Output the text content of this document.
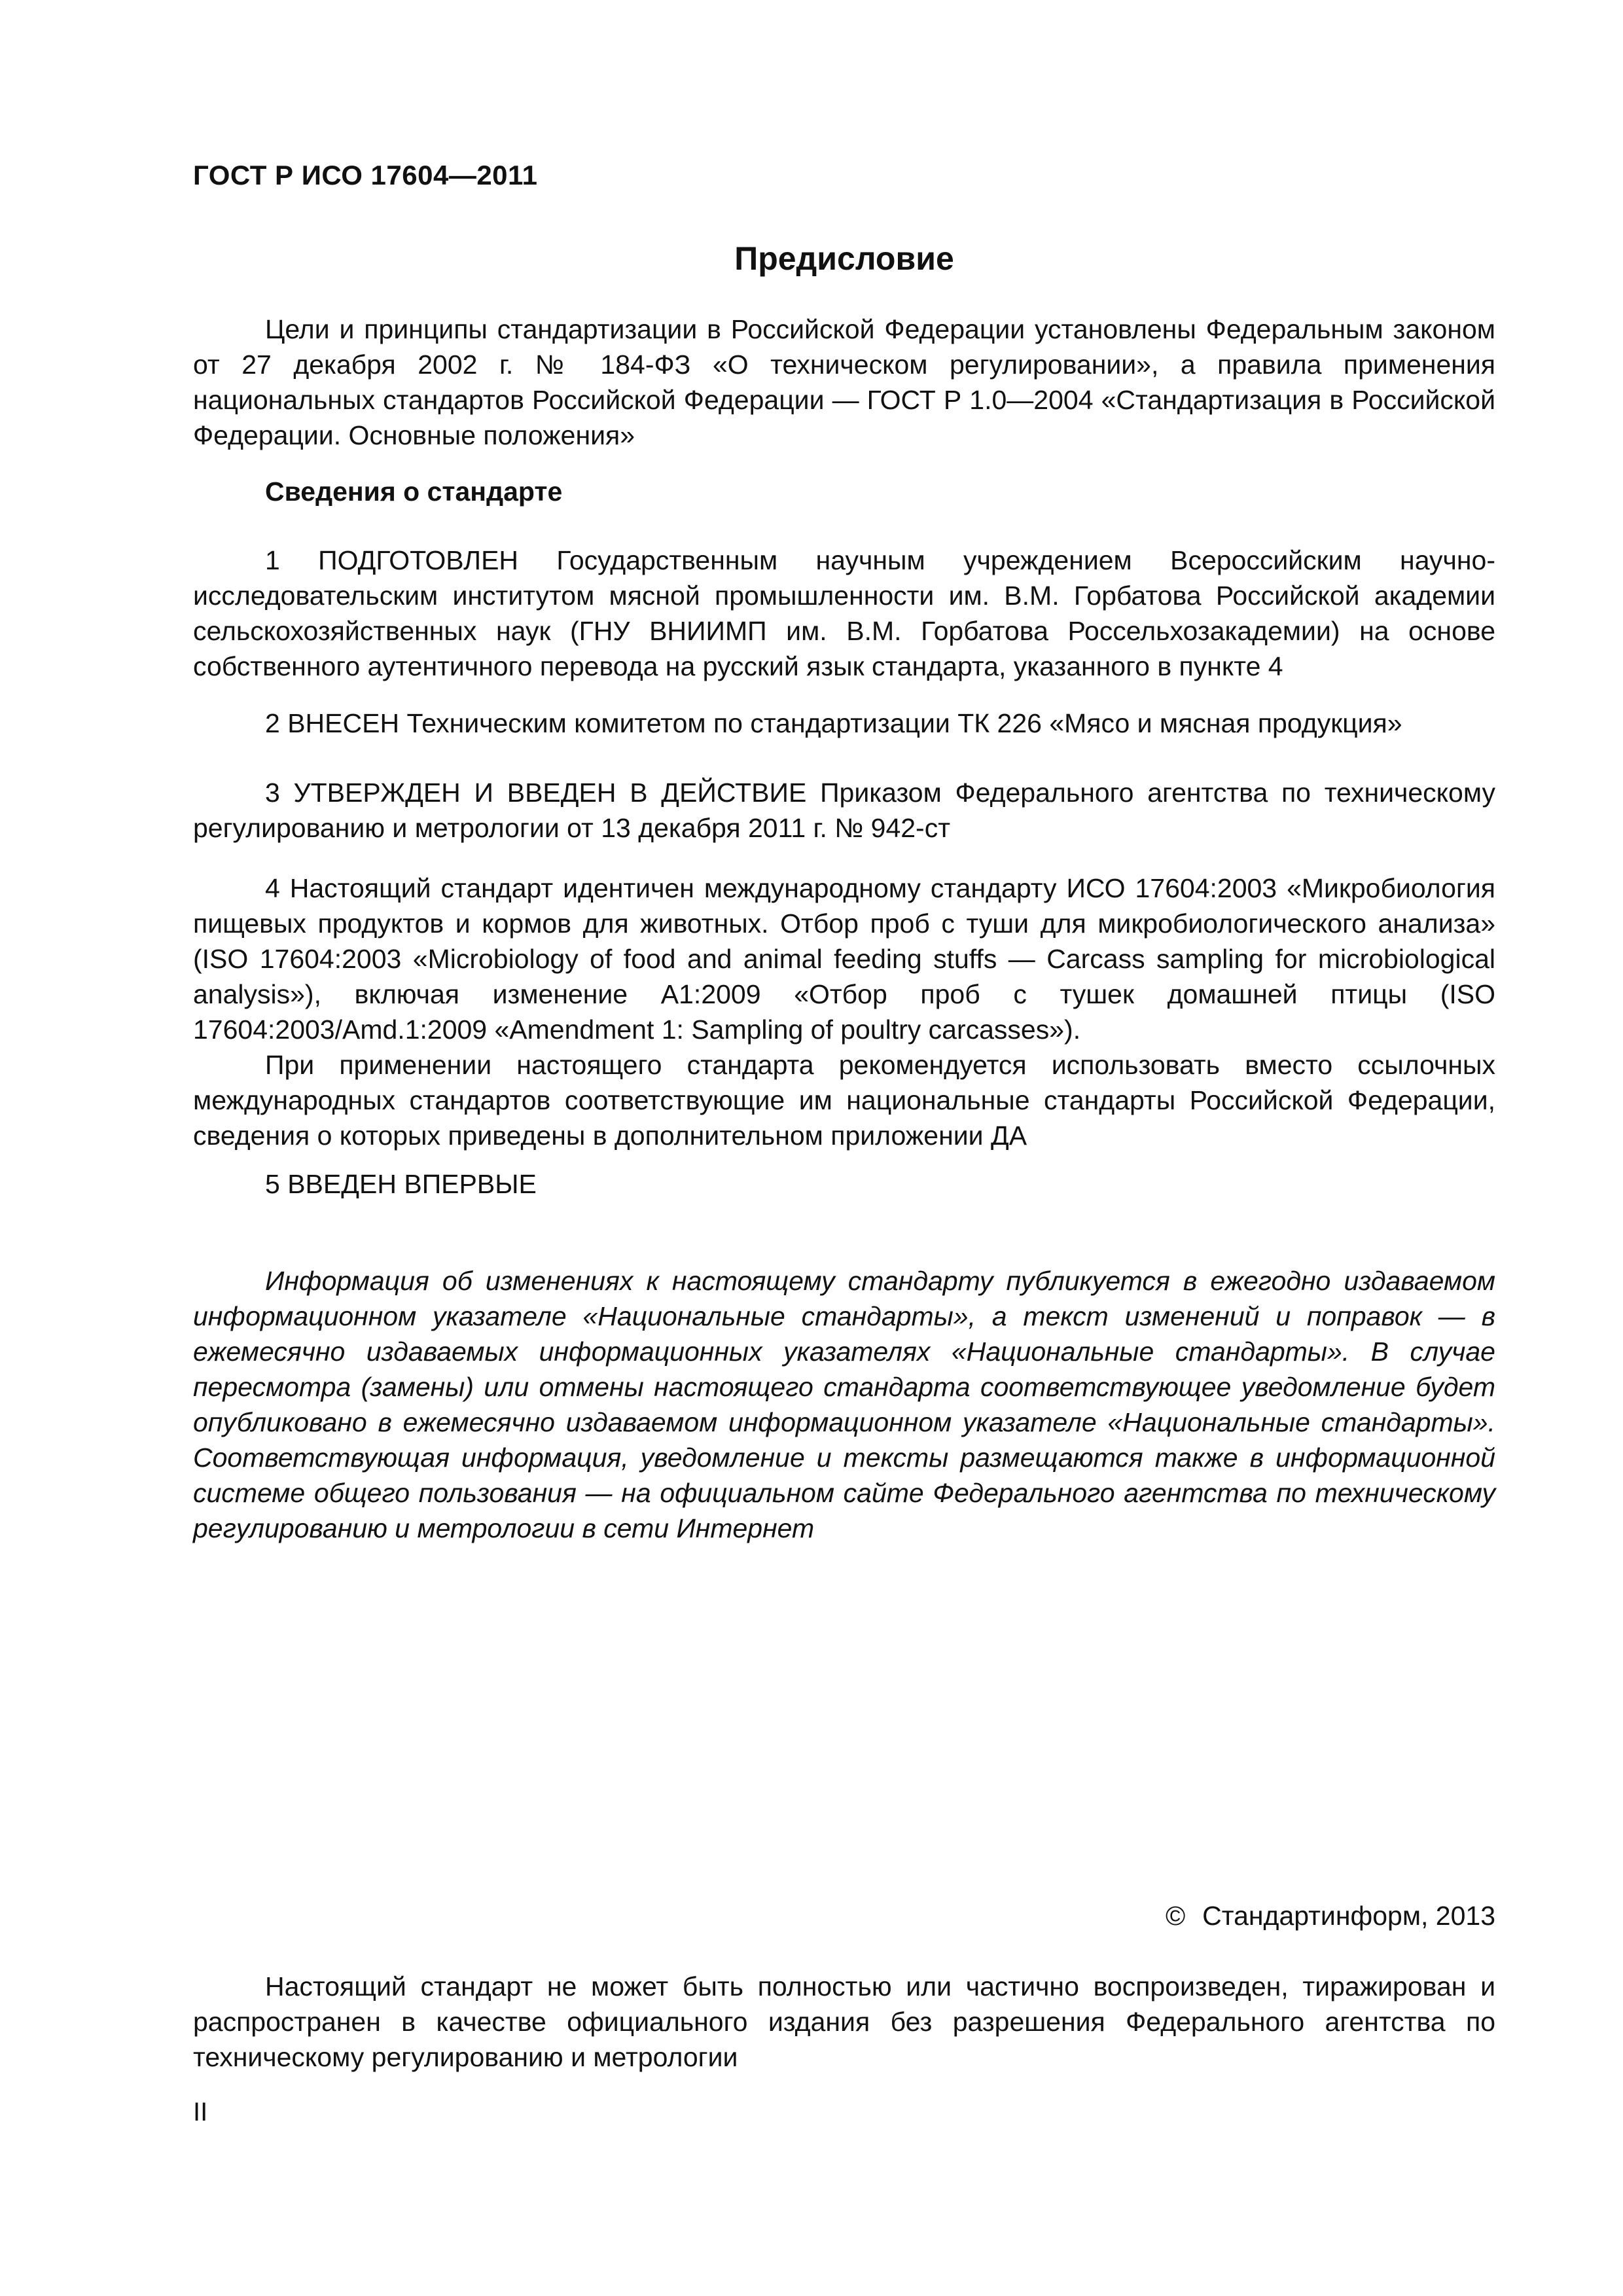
ГОСТ Р ИСО 17604—2011
Предисловие

Цели и принципы стандартизации в Российской Федерации установлены Федеральным законом от 27 декабря 2002 г. № 184-ФЗ «О техническом регулировании», а правила применения национальных стандартов Российской Федерации — ГОСТ Р 1.0—2004 «Стандартизация в Российской Федерации. Основные положения»

Сведения о стандарте

1 ПОДГОТОВЛЕН Государственным научным учреждением Всероссийским научно-исследовательским институтом мясной промышленности им. В.М. Горбатова Российской академии сельскохозяйственных наук (ГНУ ВНИИМП им. В.М. Горбатова Россельхозакадемии) на основе собственного аутентичного перевода на русский язык стандарта, указанного в пункте 4

2 ВНЕСЕН Техническим комитетом по стандартизации ТК 226 «Мясо и мясная продукция»

3 УТВЕРЖДЕН И ВВЕДЕН В ДЕЙСТВИЕ Приказом Федерального агентства по техническому регулированию и метрологии от 13 декабря 2011 г. № 942-ст

4 Настоящий стандарт идентичен международному стандарту ИСО 17604:2003 «Микробиология пищевых продуктов и кормов для животных. Отбор проб с туши для микробиологического анализа» (ISO 17604:2003 «Microbiology of food and animal feeding stuffs — Carcass sampling for microbiological analysis»), включая изменение А1:2009 «Отбор проб с тушек домашней птицы (ISO 17604:2003/Amd.1:2009 «Amendment 1: Sampling of poultry carcasses»).

При применении настоящего стандарта рекомендуется использовать вместо ссылочных международных стандартов соответствующие им национальные стандарты Российской Федерации, сведения о которых приведены в дополнительном приложении ДА

5 ВВЕДЕН ВПЕРВЫЕ

Информация об изменениях к настоящему стандарту публикуется в ежегодно издаваемом информационном указателе «Национальные стандарты», а текст изменений и поправок — в ежемесячно издаваемых информационных указателях «Национальные стандарты». В случае пересмотра (замены) или отмены настоящего стандарта соответствующее уведомление будет опубликовано в ежемесячно издаваемом информационном указателе «Национальные стандарты». Соответствующая информация, уведомление и тексты размещаются также в информационной системе общего пользования — на официальном сайте Федерального агентства по техническому регулированию и метрологии в сети Интернет

© Стандартинформ, 2013

Настоящий стандарт не может быть полностью или частично воспроизведен, тиражирован и распространен в качестве официального издания без разрешения Федерального агентства по техническому регулированию и метрологии

II
